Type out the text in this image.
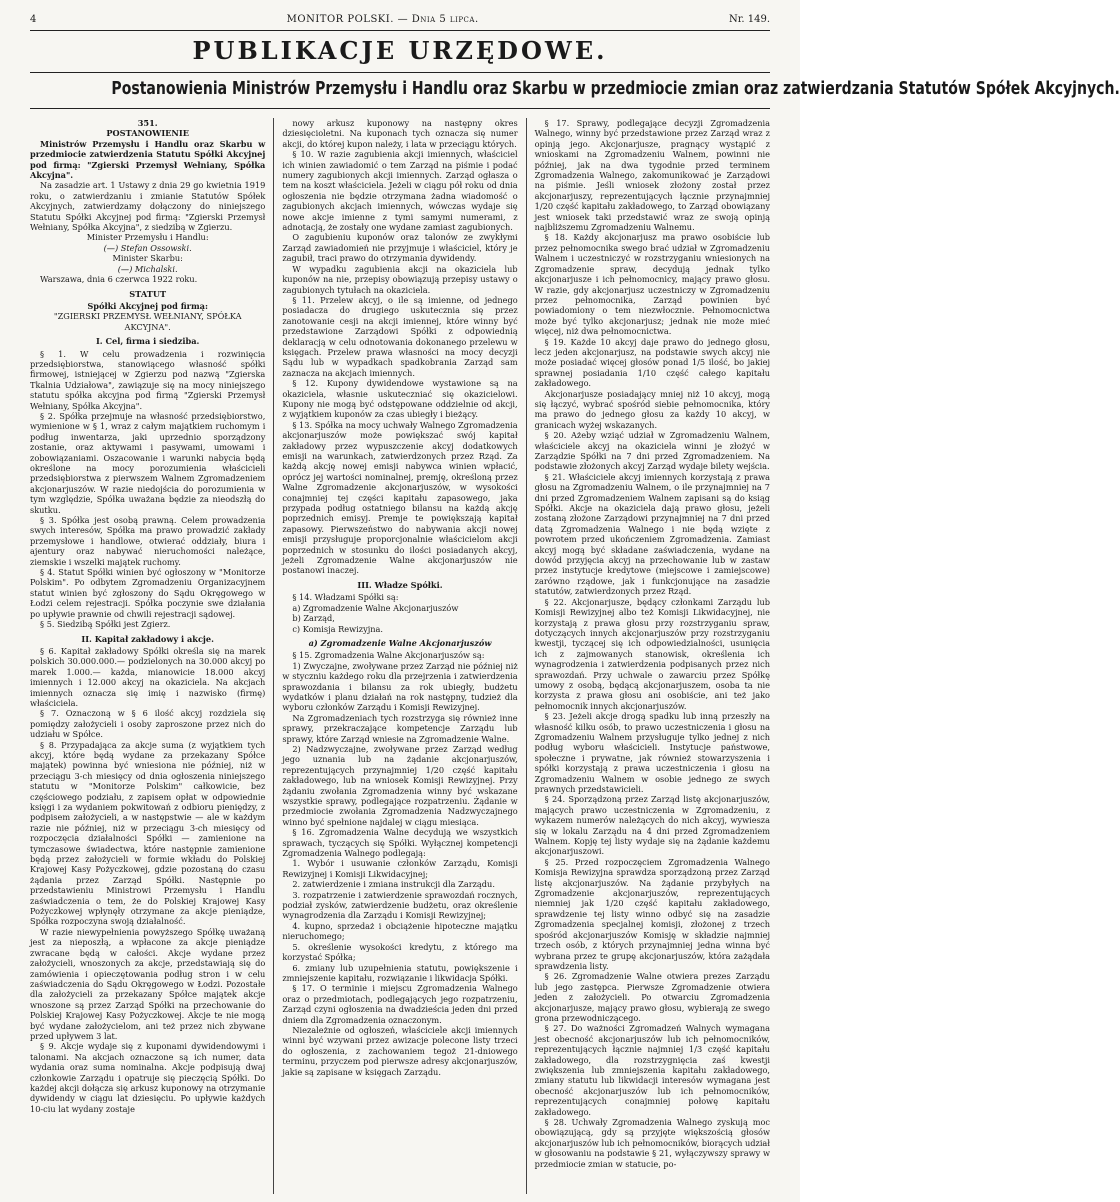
4	MONITOR POLSKI. — Dnia 5 lipca.	Nr. 149.
PUBLIKACJE URZĘDOWE.
Postanowienia Ministrów Przemysłu i Handlu oraz Skarbu w przedmiocie zmian oraz zatwierdzania Statutów Spółek Akcyjnych.

351.

POSTANOWIENIE

Ministrów Przemysłu i Handlu oraz Skarbu w przedmiocie zatwierdzenia Statutu Spółki Akcyjnej pod firmą: "Zgierski Przemysł Wełniany, Spółka Akcyjna".

Na zasadzie art. 1 Ustawy z dnia 29 go kwietnia 1919 roku, o zatwierdzaniu i zmianie Statutów Spółek Akcyjnych, zatwierdzamy dołączony do niniejszego Statutu Spółki Akcyjnej pod firmą: "Zgierski Przemysł Wełniany, Spółka Akcyjna", z siedzibą w Zgierzu.

Minister Przemysłu i Handlu:

(—) Stefan Ossowski.

Minister Skarbu:

(—) Michalski.

Warszawa, dnia 6 czerwca 1922 roku.

STATUT

Spółki Akcyjnej pod firmą:

"ZGIERSKI PRZEMYSŁ WEŁNIANY, SPÓŁKA AKCYJNA".

I. Cel, firma i siedziba.

§ 1. W celu prowadzenia i rozwinięcia przedsiębiorstwa, stanowiącego własność spółki firmowej, istniejącej w Zgierzu pod nazwą "Zgierska Tkalnia Udziałowa", zawiązuje się na mocy niniejszego statutu spółka akcyjna pod firmą "Zgierski Przemysł Wełniany, Spółka Akcyjna".

§ 2. Spółka przejmuje na własność przedsiębiorstwo, wymienione w § 1, wraz z całym majątkiem ruchomym i podług inwentarza, jaki uprzednio sporządzony zostanie, oraz aktywami i pasywami, umowami i zobowiązaniami. Oszacowanie i warunki nabycia będą określone na mocy porozumienia właścicieli przedsiębiorstwa z pierwszem Walnem Zgromadzeniem akcjonarjuszów. W razie niedojścia do porozumienia w tym względzie, Spółka uważana będzie za nieodszłą do skutku.

§ 3. Spółka jest osobą prawną. Celem prowadzenia swych interesów, Spółka ma prawo prowadzić zakłady przemysłowe i handlowe, otwierać oddziały, biura i ajentury oraz nabywać nieruchomości należące, ziemskie i wszelki majątek ruchomy.

§ 4. Statut Spółki winien być ogłoszony w "Monitorze Polskim". Po odbytem Zgromadzeniu Organizacyjnem statut winien być zgłoszony do Sądu Okręgowego w Łodzi celem rejestracji. Spółka poczynie swe działania po upływie prawnie od chwili rejestracji sądowej.

§ 5. Siedzibą Spółki jest Zgierz.

II. Kapitał zakładowy i akcje.

§ 6. Kapitał zakładowy Spółki określa się na marek polskich 30.000.000.— podzielonych na 30.000 akcyj po marek 1.000.— każda, mianowicie 18.000 akcyj imiennych i 12.000 akcyj na okaziciela. Na akcjach imiennych oznacza się imię i nazwisko (firmę) właściciela.

§ 7. Oznaczoną w § 6 ilość akcyj rozdziela się pomiędzy założycieli i osoby zaproszone przez nich do udziału w Spółce.

§ 8. Przypadająca za akcje suma (z wyjątkiem tych akcyj, które będą wydane za przekazany Spółce majątek) powinna być wniesiona nie później, niż w przeciągu 3-ch miesięcy od dnia ogłoszenia niniejszego statutu w "Monitorze Polskim" całkowicie, bez częściowego podziału, z zapisem opłat w odpowiednie księgi i za wydaniem pokwitowań z odbioru pieniędzy, z podpisem założycieli, a w następstwie — ale w każdym razie nie później, niż w przeciągu 3-ch miesięcy od rozpoczęcia działalności Spółki — zamienione na tymczasowe świadectwa, które następnie zamienione będą przez założycieli w formie wkładu do Polskiej Krajowej Kasy Pożyczkowej, gdzie pozostaną do czasu żądania przez Zarząd Spółki. Następnie po przedstawieniu Ministrowi Przemysłu i Handlu zaświadczenia o tem, że do Polskiej Krajowej Kasy Pożyczkowej wpłynęły otrzymane za akcje pieniądze, Spółka rozpoczyna swoją działalność.

W razie niewypełnienia powyższego Spółkę uważaną jest za nieposzłą, a wpłacone za akcje pieniądze zwracane będą w całości. Akcje wydane przez założycieli, wnoszonych za akcje, przedstawiają się do zamówienia i opieczętowania podług stron i w celu zaświadczenia do Sądu Okręgowego w Łodzi. Pozostałe dla założycieli za przekazany Spółce majątek akcje wnoszone są przez Zarząd Spółki na przechowanie do Polskiej Krajowej Kasy Pożyczkowej. Akcje te nie mogą być wydane założycielom, ani też przez nich zbywane przed upływem 3 lat.

§ 9. Akcje wydaje się z kuponami dywidendowymi i talonami. Na akcjach oznaczone są ich numer, data wydania oraz suma nominalna. Akcje podpisują dwaj członkowie Zarządu i opatruje się pieczęcią Spółki. Do każdej akcji dołącza się arkusz kuponowy na otrzymanie dywidendy w ciągu lat dziesięciu. Po upływie każdych 10-ciu lat wydany zostaje

nowy arkusz kuponowy na następny okres dziesięcioletni. Na kuponach tych oznacza się numer akcji, do której kupon należy, i lata w przeciągu których.

§ 10. W razie zagubienia akcji imiennych, właściciel ich winien zawiadomić o tem Zarząd na piśmie i podać numery zagubionych akcji imiennych. Zarząd ogłasza o tem na koszt właściciela. Jeżeli w ciągu pół roku od dnia ogłoszenia nie będzie otrzymana żadna wiadomość o zagubionych akcjach imiennych, wówczas wydaje się nowe akcje imienne z tymi samymi numerami, z adnotacją, że zostały one wydane zamiast zagubionych.

O zagubieniu kuponów oraz talonów ze zwykłymi Zarząd zawiadomień nie przyjmuje i właściciel, który je zagubił, traci prawo do otrzymania dywidendy.

W wypadku zagubienia akcji na okaziciela lub kuponów na nie, przepisy obowiązują przepisy ustawy o zagubionych tytułach na okaziciela.

§ 11. Przelew akcyj, o ile są imienne, od jednego posiadacza do drugiego uskutecznia się przez zanotowanie cesji na akcji imiennej, które winny być przedstawione Zarządowi Spółki z odpowiednią deklaracją w celu odnotowania dokonanego przelewu w księgach. Przelew prawa własności na mocy decyzji Sądu lub w wypadkach spadkobrania Zarząd sam zaznacza na akcjach imiennych.

§ 12. Kupony dywidendowe wystawione są na okaziciela, własnie uskuteczniać się okazicielowi. Kupony nie mogą być odstępowane oddzielnie od akcji, z wyjątkiem kuponów za czas ubiegły i bieżący.

§ 13. Spółka na mocy uchwały Walnego Zgromadzenia akcjonarjuszów może powiększać swój kapitał zakładowy przez wypuszczenie akcyj dodatkowych emisji na warunkach, zatwierdzonych przez Rząd. Za każdą akcję nowej emisji nabywca winien wpłacić, oprócz jej wartości nominalnej, premję, określoną przez Walne Zgromadzenie akcjonarjuszów, w wysokości conajmniej tej części kapitału zapasowego, jaka przypada podług ostatniego bilansu na każdą akcję poprzednich emisyj. Premje te powiększają kapitał zapasowy. Pierwszeństwo do nabywania akcji nowej emisji przysługuje proporcjonalnie właścicielom akcji poprzednich w stosunku do ilości posiadanych akcyj, jeżeli Zgromadzenie Walne akcjonarjuszów nie postanowi inaczej.

III. Władze Spółki.

§ 14. Władzami Spółki są:

a) Zgromadzenie Walne Akcjonarjuszów

b) Zarząd,

c) Komisja Rewizyjna.

a) Zgromadzenie Walne Akcjonarjuszów

§ 15. Zgromadzenia Walne Akcjonarjuszów są:

1) Zwyczajne, zwoływane przez Zarząd nie później niż w styczniu każdego roku dla przejrzenia i zatwierdzenia sprawozdania i bilansu za rok ubiegły, budżetu wydatków i planu działań na rok następny, tudzież dla wyboru członków Zarządu i Komisji Rewizyjnej.

Na Zgromadzeniach tych rozstrzyga się również inne sprawy, przekraczające kompetencje Zarządu lub sprawy, które Zarząd wniesie na Zgromadzenie Walne.

2) Nadzwyczajne, zwoływane przez Zarząd według jego uznania lub na żądanie akcjonarjuszów, reprezentujących przynajmniej 1/20 część kapitału zakładowego, lub na wniosek Komisji Rewizyjnej. Przy żądaniu zwołania Zgromadzenia winny być wskazane wszystkie sprawy, podlegające rozpatrzeniu. Żądanie w przedmiocie zwołania Zgromadzenia Nadzwyczajnego winno być spełnione najdalej w ciągu miesiąca.

§ 16. Zgromadzenia Walne decydują we wszystkich sprawach, tyczących się Spółki. Wyłącznej kompetencji Zgromadzenia Walnego podlegają:

1. Wybór i usuwanie członków Zarządu, Komisji Rewizyjnej i Komisji Likwidacyjnej;

2. zatwierdzenie i zmiana instrukcji dla Zarządu.

3. rozpatrzenie i zatwierdzenie sprawozdań rocznych, podział zysków, zatwierdzenie budżetu, oraz określenie wynagrodzenia dla Zarządu i Komisji Rewizyjnej;

4. kupno, sprzedaż i obciążenie hipoteczne majątku nieruchomego;

5. określenie wysokości kredytu, z którego ma korzystać Spółka;

6. zmiany lub uzupełnienia statutu, powiększenie i zmniejszenie kapitału, rozwiązanie i likwidacja Spółki.

§ 17. O terminie i miejscu Zgromadzenia Walnego oraz o przedmiotach, podlegających jego rozpatrzeniu, Zarząd czyni ogłoszenia na dwadzieścia jeden dni przed dniem dla Zgromadzenia oznaczonym.

Niezależnie od ogłoszeń, właściciele akcji imiennych winni być wzywani przez awizacje polecone listy trzeci do ogłoszenia, z zachowaniem tegoż 21-dniowego terminu, przyczem pod pierwsze adresy akcjonarjuszów, jakie są zapisane w księgach Zarządu.

§ 17. Sprawy, podlegające decyzji Zgromadzenia Walnego, winny być przedstawione przez Zarząd wraz z opinją jego. Akcjonarjusze, pragnący wystąpić z wnioskami na Zgromadzeniu Walnem, powinni nie później, jak na dwa tygodnie przed terminem Zgromadzenia Walnego, zakomunikować je Zarządowi na piśmie. Jeśli wniosek złożony został przez akcjonarjuszy, reprezentujących łącznie przynajmniej 1/20 część kapitału zakładowego, to Zarząd obowiązany jest wniosek taki przedstawić wraz ze swoją opinją najbliższemu Zgromadzeniu Walnemu.

§ 18. Każdy akcjonarjusz ma prawo osobiście lub przez pełnomocnika swego brać udział w Zgromadzeniu Walnem i uczestniczyć w rozstrzyganiu wniesionych na Zgromadzenie spraw, decydują jednak tylko akcjonarjusze i ich pełnomocnicy, mający prawo głosu. W razie, gdy akcjonarjusz uczestniczy w Zgromadzeniu przez pełnomocnika, Zarząd powinien być powiadomiony o tem niezwłocznie. Pełnomocnictwa może być tylko akcjonarjusz; jednak nie może mieć więcej, niż dwa pełnomocnictwa.

§ 19. Każde 10 akcyj daje prawo do jednego głosu, lecz jeden akcjonarjusz, na podstawie swych akcyj nie może posiadać więcej głosów ponad 1/5 ilość, bo jakiej sprawnej posiadania 1/10 część całego kapitału zakładowego.

Akcjonarjusze posiadający mniej niż 10 akcyj, mogą się łączyć, wybrać spośród siebie pełnomocnika, który ma prawo do jednego głosu za każdy 10 akcyj, w granicach wyżej wskazanych.

§ 20. Ażeby wziąć udział w Zgromadzeniu Walnem, właściciele akcyj na okaziciela winni je złożyć w Zarządzie Spółki na 7 dni przed Zgromadzeniem. Na podstawie złożonych akcyj Zarząd wydaje bilety wejścia.

§ 21. Właściciele akcyj imiennych korzystają z prawa głosu na Zgromadzeniu Walnem, o ile przynajmniej na 7 dni przed Zgromadzeniem Walnem zapisani są do ksiąg Spółki. Akcje na okaziciela dają prawo głosu, jeżeli zostaną złożone Zarządowi przynajmniej na 7 dni przed datą Zgromadzenia Walnego i nie będą wzięte z powrotem przed ukończeniem Zgromadzenia. Zamiast akcyj mogą być składane zaświadczenia, wydane na dowód przyjęcia akcyj na przechowanie lub w zastaw przez instytucje kredytowe (miejscowe i zamiejscowe) zarówno rządowe, jak i funkcjonujące na zasadzie statutów, zatwierdzonych przez Rząd.

§ 22. Akcjonarjusze, będący członkami Zarządu lub Komisji Rewizyjnej albo też Komisji Likwidacyjnej, nie korzystają z prawa głosu przy rozstrzyganiu spraw, dotyczących innych akcjonarjuszów przy rozstrzyganiu kwestji, tyczącej się ich odpowiedzialności, usunięcia ich z zajmowanych stanowisk, określenia ich wynagrodzenia i zatwierdzenia podpisanych przez nich sprawozdań. Przy uchwale o zawarciu przez Spółkę umowy z osobą, będącą akcjonarjuszem, osoba ta nie korzysta z prawa głosu ani osobiście, ani też jako pełnomocnik innych akcjonarjuszów.

§ 23. Jeżeli akcje drogą spadku lub inną przeszły na własność kilku osób, to prawo uczestniczenia i głosu na Zgromadzeniu Walnem przysługuje tylko jednej z nich podług wyboru właścicieli. Instytucje państwowe, społeczne i prywatne, jak również stowarzyszenia i spółki korzystają z prawa uczestniczenia i głosu na Zgromadzeniu Walnem w osobie jednego ze swych prawnych przedstawicieli.

§ 24. Sporządzoną przez Zarząd listę akcjonarjuszów, mających prawo uczestniczenia w Zgromadzeniu, z wykazem numerów należących do nich akcyj, wywiesza się w lokalu Zarządu na 4 dni przed Zgromadzeniem Walnem. Kopję tej listy wydaje się na żądanie każdemu akcjonarjuszowi.

§ 25. Przed rozpoczęciem Zgromadzenia Walnego Komisja Rewizyjna sprawdza sporządzoną przez Zarząd listę akcjonarjuszów. Na żądanie przybyłych na Zgromadzenie akcjonarjuszów, reprezentujących niemniej jak 1/20 część kapitału zakładowego, sprawdzenie tej listy winno odbyć się na zasadzie Zgromadzenia specjalnej komisji, złożonej z trzech spośród akcjonarjuszów Komisję w składzie najmniej trzech osób, z których przynajmniej jedna winna być wybrana przez te grupę akcjonarjuszów, która zażądała sprawdzenia listy.

§ 26. Zgromadzenie Walne otwiera prezes Zarządu lub jego zastępca. Pierwsze Zgromadzenie otwiera jeden z założycieli. Po otwarciu Zgromadzenia akcjonarjusze, mający prawo głosu, wybierają ze swego grona przewodniczącego.

§ 27. Do ważności Zgromadzeń Walnych wymagana jest obecność akcjonarjuszów lub ich pełnomocników, reprezentujących łącznie najmniej 1/3 część kapitału zakładowego, dla rozstrzygnięcia zaś kwestji zwiększenia lub zmniejszenia kapitału zakładowego, zmiany statutu lub likwidacji interesów wymagana jest obecność akcjonarjuszów lub ich pełnomocników, reprezentujących conajmniej połowę kapitału zakładowego.

§ 28. Uchwały Zgromadzenia Walnego zyskują moc obowiązującą, gdy są przyjęte większością głosów akcjonarjuszów lub ich pełnomocników, biorących udział w głosowaniu na podstawie § 21, wyłączywszy sprawy w przedmiocie zmian w statucie, po-
